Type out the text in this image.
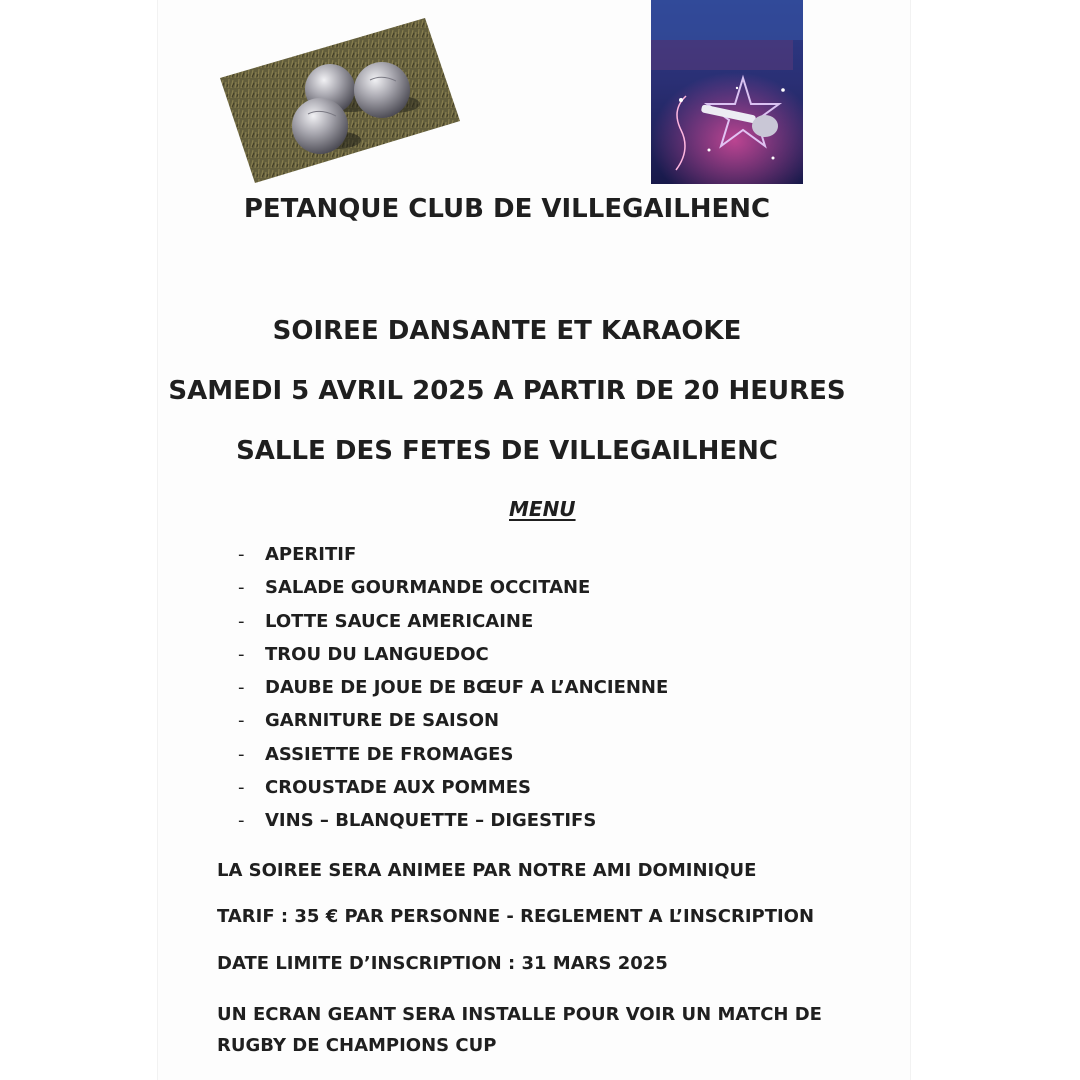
PETANQUE CLUB DE VILLEGAILHENC
SOIREE DANSANTE ET KARAOKE
SAMEDI 5 AVRIL 2025 A PARTIR DE 20 HEURES
SALLE DES FETES DE VILLEGAILHENC
MENU
-	APERITIF
-	SALADE GOURMANDE OCCITANE
-	LOTTE SAUCE AMERICAINE
-	TROU DU LANGUEDOC
-	DAUBE DE JOUE DE BŒUF A L’ANCIENNE
-	GARNITURE DE SAISON
-	ASSIETTE DE FROMAGES
-	CROUSTADE AUX POMMES
-	VINS – BLANQUETTE – DIGESTIFS
LA SOIREE SERA ANIMEE PAR NOTRE AMI DOMINIQUE
TARIF : 35 € PAR PERSONNE - REGLEMENT A L’INSCRIPTION
DATE LIMITE D’INSCRIPTION : 31 MARS 2025
UN ECRAN GEANT SERA INSTALLE POUR VOIR UN MATCH DE
RUGBY DE CHAMPIONS CUP
